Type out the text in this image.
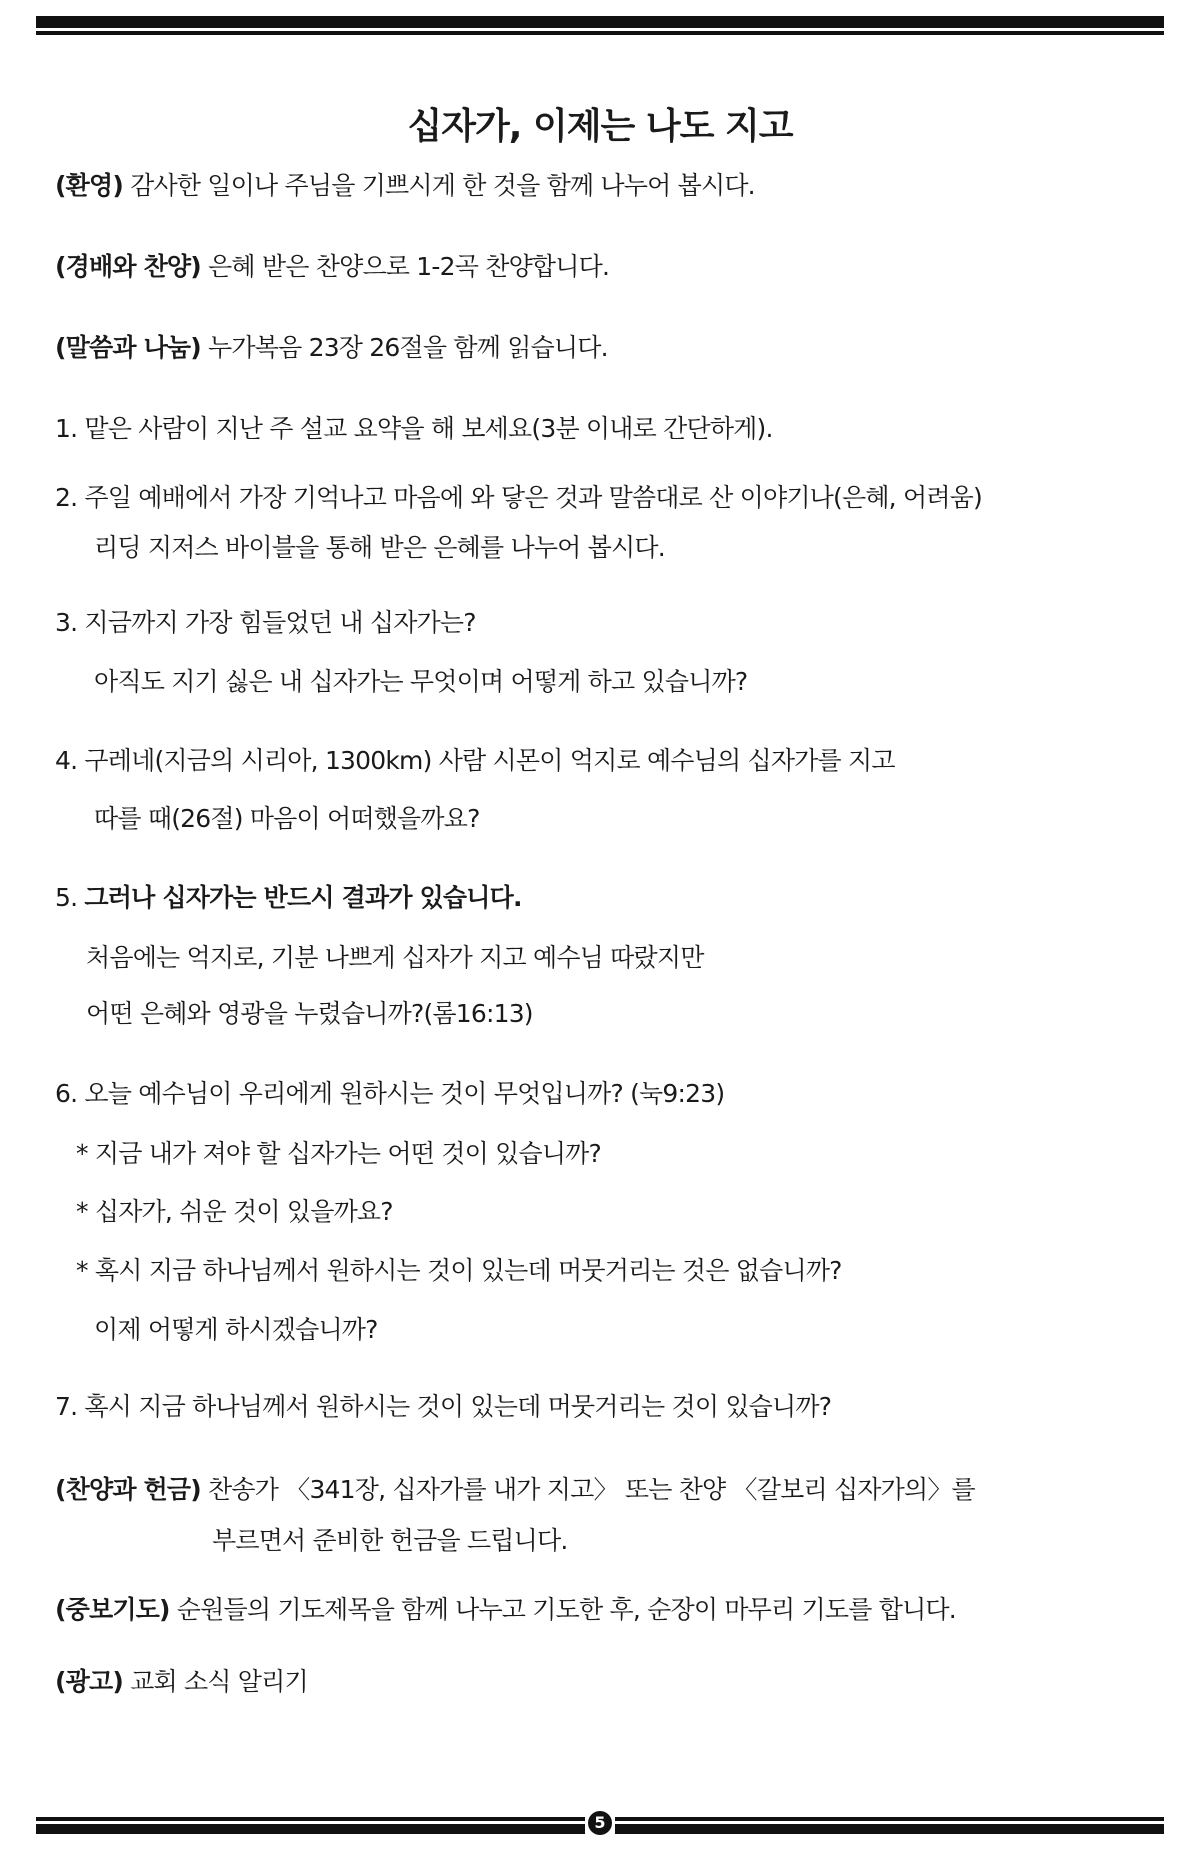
십자가, 이제는 나도 지고
(환영) 감사한 일이나 주님을 기쁘시게 한 것을 함께 나누어 봅시다.
(경배와 찬양) 은혜 받은 찬양으로 1-2곡 찬양합니다.
(말씀과 나눔) 누가복음 23장 26절을 함께 읽습니다.
1. 맡은 사람이 지난 주 설교 요약을 해 보세요(3분 이내로 간단하게).
2. 주일 예배에서 가장 기억나고 마음에 와 닿은 것과 말씀대로 산 이야기나(은혜, 어려움)
리딩 지저스 바이블을 통해 받은 은혜를 나누어 봅시다.
3. 지금까지 가장 힘들었던 내 십자가는?
아직도 지기 싫은 내 십자가는 무엇이며 어떻게 하고 있습니까?
4. 구레네(지금의 시리아, 1300km) 사람 시몬이 억지로 예수님의 십자가를 지고
따를 때(26절) 마음이 어떠했을까요?
5. 그러나 십자가는 반드시 결과가 있습니다.
처음에는 억지로, 기분 나쁘게 십자가 지고 예수님 따랐지만
어떤 은혜와 영광을 누렸습니까?(롬16:13)
6. 오늘 예수님이 우리에게 원하시는 것이 무엇입니까? (눅9:23)
* 지금 내가 져야 할 십자가는 어떤 것이 있습니까?
* 십자가, 쉬운 것이 있을까요?
* 혹시 지금 하나님께서 원하시는 것이 있는데 머뭇거리는 것은 없습니까?
이제 어떻게 하시겠습니까?
7. 혹시 지금 하나님께서 원하시는 것이 있는데 머뭇거리는 것이 있습니까?
(찬양과 헌금) 찬송가 〈341장, 십자가를 내가 지고〉 또는 찬양 〈갈보리 십자가의〉를
부르면서 준비한 헌금을 드립니다.
(중보기도) 순원들의 기도제목을 함께 나누고 기도한 후, 순장이 마무리 기도를 합니다.
(광고) 교회 소식 알리기
5
